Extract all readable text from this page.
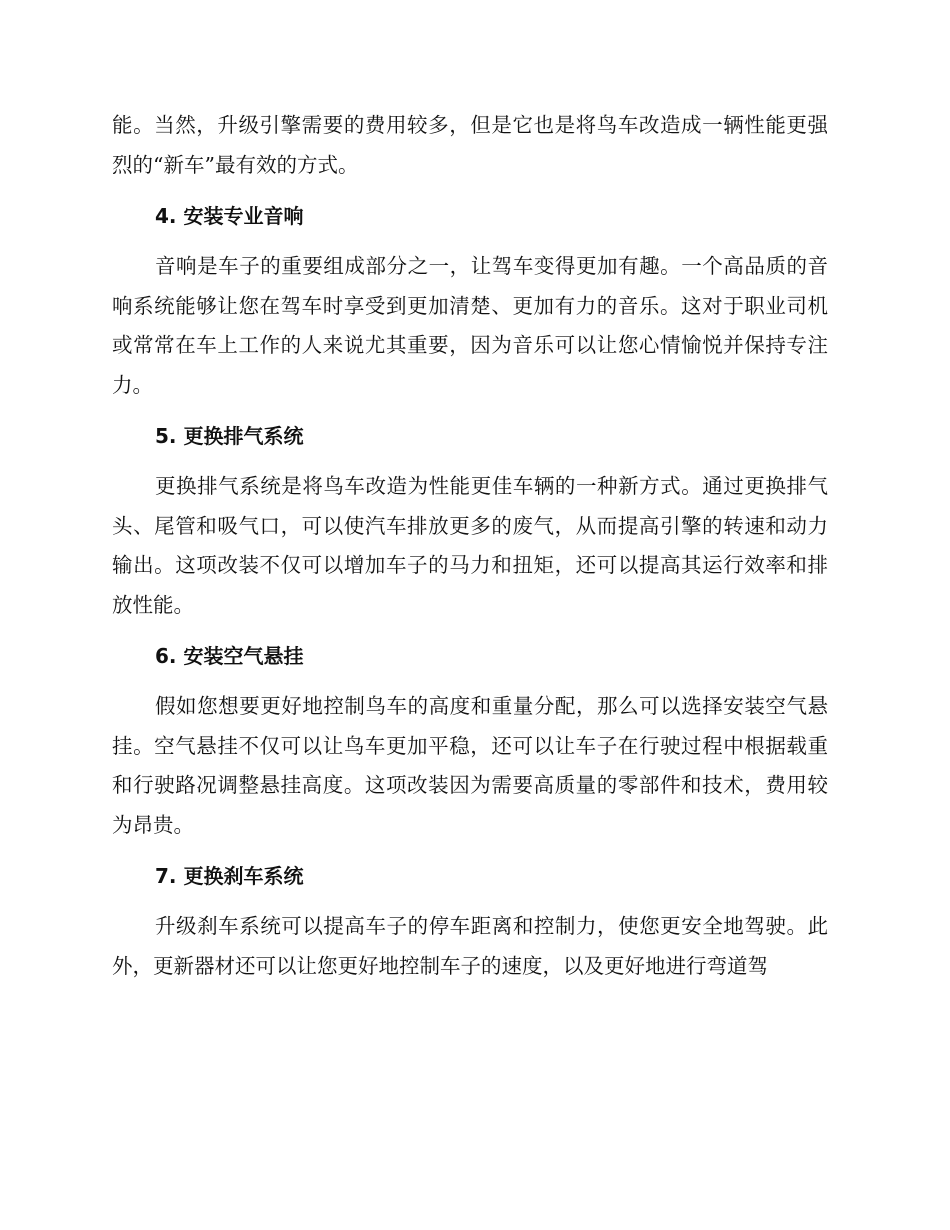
能。当然，升级引擎需要的费用较多，但是它也是将鸟车改造成一辆性能更强烈的“新车”最有效的方式。

4. 安装专业音响

音响是车子的重要组成部分之一，让驾车变得更加有趣。一个高品质的音响系统能够让您在驾车时享受到更加清楚、更加有力的音乐。这对于职业司机或常常在车上工作的人来说尤其重要，因为音乐可以让您心情愉悦并保持专注力。

5. 更换排气系统

更换排气系统是将鸟车改造为性能更佳车辆的一种新方式。通过更换排气头、尾管和吸气口，可以使汽车排放更多的废气，从而提高引擎的转速和动力输出。这项改装不仅可以增加车子的马力和扭矩，还可以提高其运行效率和排放性能。

6. 安装空气悬挂

假如您想要更好地控制鸟车的高度和重量分配，那么可以选择安装空气悬挂。空气悬挂不仅可以让鸟车更加平稳，还可以让车子在行驶过程中根据载重和行驶路况调整悬挂高度。这项改装因为需要高质量的零部件和技术，费用较为昂贵。

7. 更换刹车系统

升级刹车系统可以提高车子的停车距离和控制力，使您更安全地驾驶。此外，更新器材还可以让您更好地控制车子的速度，以及更好地进行弯道驾
